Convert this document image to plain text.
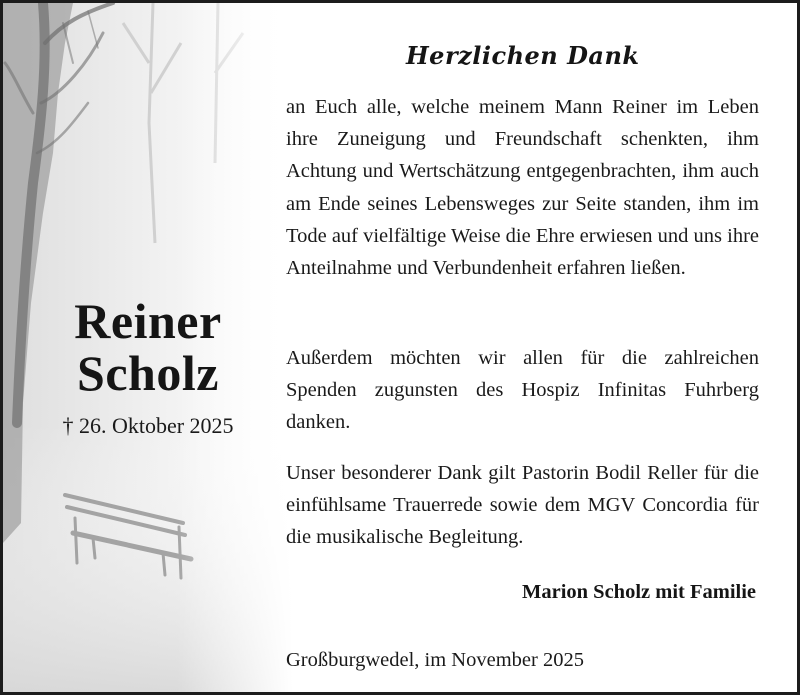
Reiner
Scholz
† 26. Oktober 2025
Herzlichen Dank

an Euch alle, welche meinem Mann Reiner im Leben ihre Zuneigung und Freundschaft schenkten, ihm Achtung und Wertschätzung entgegenbrachten, ihm auch am Ende seines Lebensweges zur Seite standen, ihm im Tode auf vielfältige Weise die Ehre erwiesen und uns ihre Anteilnahme und Verbundenheit erfahren ließen.

Außerdem möchten wir allen für die zahlreichen Spenden zugunsten des Hospiz Infinitas Fuhrberg danken.

Unser besonderer Dank gilt Pastorin Bodil Reller für die einfühlsame Trauerrede sowie dem MGV Concordia für die musikalische Begleitung.

Marion Scholz mit Familie
Großburgwedel, im November 2025
